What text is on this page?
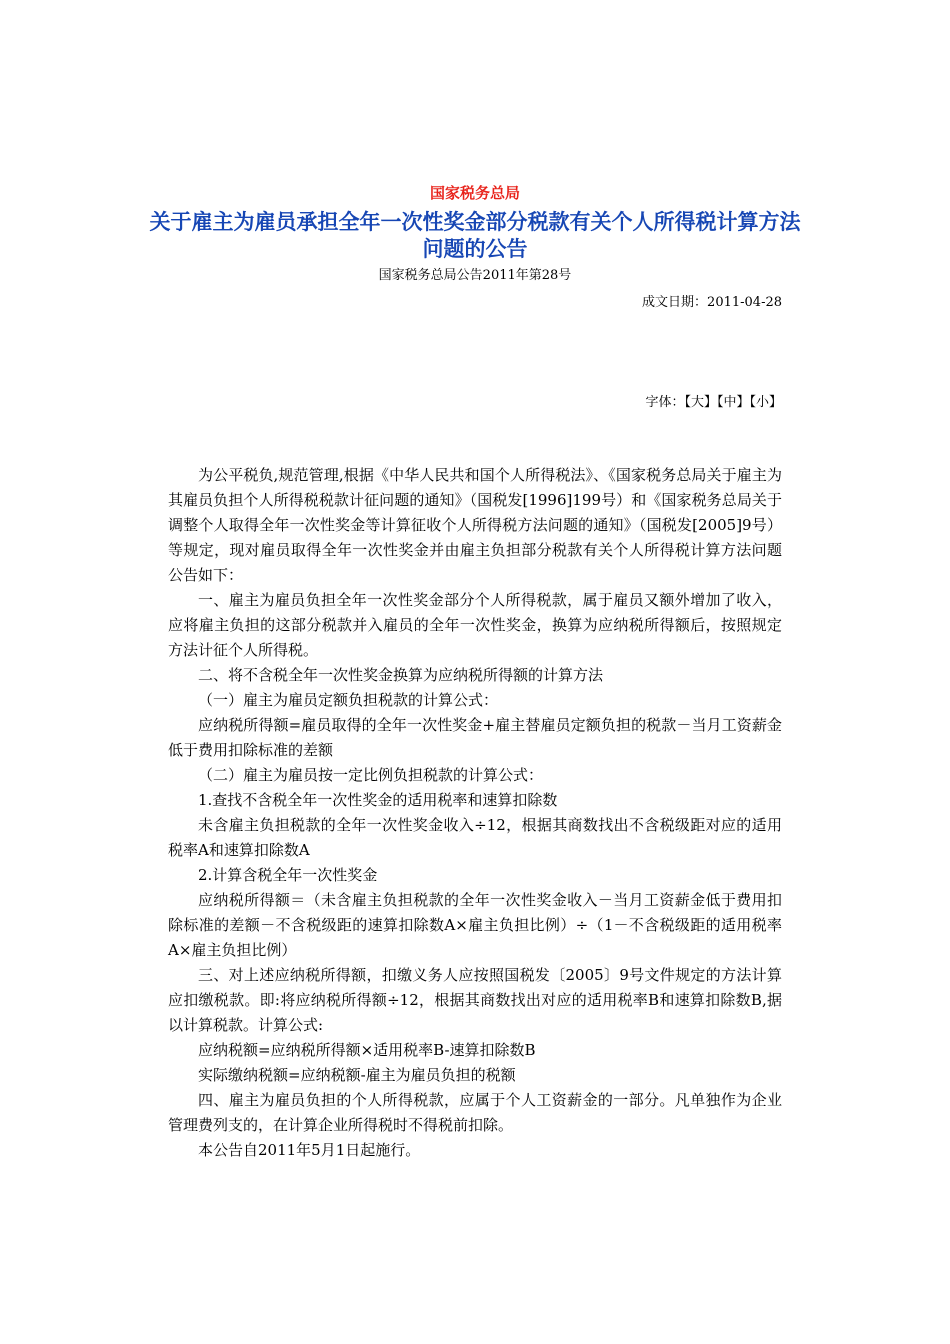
国家税务总局
关于雇主为雇员承担全年一次性奖金部分税款有关个人所得税计算方法问题的公告
国家税务总局公告2011年第28号
成文日期：2011-04-28
字体：【大】【中】【小】

为公平税负,规范管理,根据《中华人民共和国个人所得税法》、《国家税务总局关于雇主为其雇员负担个人所得税税款计征问题的通知》（国税发[1996]199号）和《国家税务总局关于调整个人取得全年一次性奖金等计算征收个人所得税方法问题的通知》（国税发[2005]9号）等规定，现对雇员取得全年一次性奖金并由雇主负担部分税款有关个人所得税计算方法问题公告如下：

一、雇主为雇员负担全年一次性奖金部分个人所得税款，属于雇员又额外增加了收入，应将雇主负担的这部分税款并入雇员的全年一次性奖金，换算为应纳税所得额后，按照规定方法计征个人所得税。

二、将不含税全年一次性奖金换算为应纳税所得额的计算方法

（一）雇主为雇员定额负担税款的计算公式：

应纳税所得额=雇员取得的全年一次性奖金+雇主替雇员定额负担的税款－当月工资薪金低于费用扣除标准的差额

（二）雇主为雇员按一定比例负担税款的计算公式：

1.查找不含税全年一次性奖金的适用税率和速算扣除数

未含雇主负担税款的全年一次性奖金收入÷12，根据其商数找出不含税级距对应的适用税率A和速算扣除数A

2.计算含税全年一次性奖金

应纳税所得额＝（未含雇主负担税款的全年一次性奖金收入－当月工资薪金低于费用扣除标准的差额－不含税级距的速算扣除数A×雇主负担比例）÷（1－不含税级距的适用税率A×雇主负担比例）

三、对上述应纳税所得额，扣缴义务人应按照国税发〔2005〕9号文件规定的方法计算应扣缴税款。即:将应纳税所得额÷12，根据其商数找出对应的适用税率B和速算扣除数B,据以计算税款。计算公式:

应纳税额=应纳税所得额×适用税率B-速算扣除数B

实际缴纳税额=应纳税额-雇主为雇员负担的税额

四、雇主为雇员负担的个人所得税款，应属于个人工资薪金的一部分。凡单独作为企业管理费列支的，在计算企业所得税时不得税前扣除。

本公告自2011年5月1日起施行。
